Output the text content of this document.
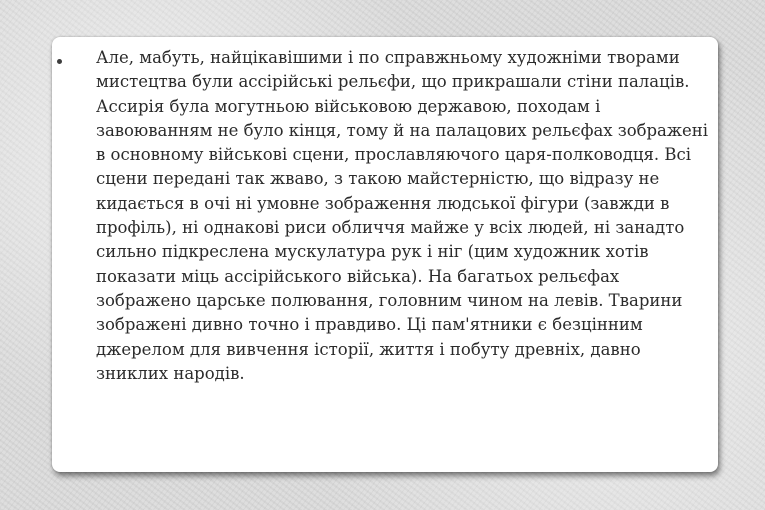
Але, мабуть, найцікавішими і по справжньому художніми творами
мистецтва були ассірійські рельєфи, що прикрашали стіни палаців.
Ассирія була могутньою військовою державою, походам і
завоюванням не було кінця, тому й на палацових рельєфах зображені
в основному військові сцени, прославляючого царя-полководця. Всі
сцени передані так жваво, з такою майстерністю, що відразу не
кидається в очі ні умовне зображення людської фігури (завжди в
профіль), ні однакові риси обличчя майже у всіх людей, ні занадто
сильно підкреслена мускулатура рук і ніг (цим художник хотів
показати міць ассірійського війська). На багатьох рельєфах
зображено царське полювання, головним чином на левів. Тварини
зображені дивно точно і правдиво. Ці пам'ятники є безцінним
джерелом для вивчення історії, життя і побуту древніх, давно
зниклих народів.
